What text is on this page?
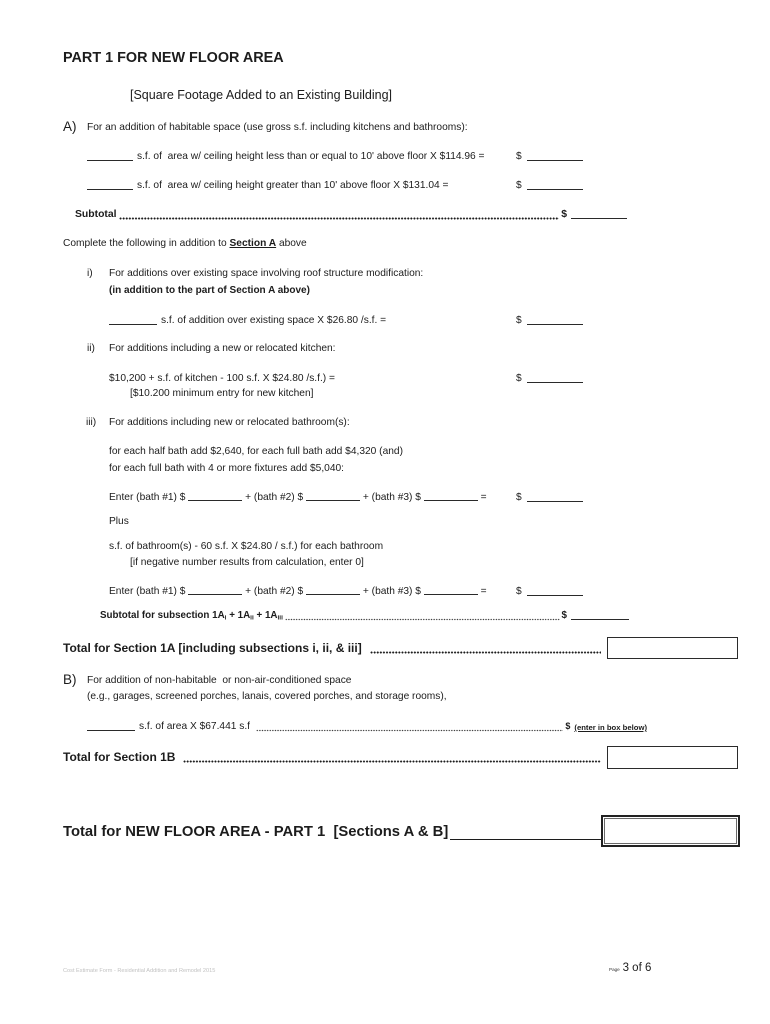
PART 1 FOR NEW FLOOR AREA
[Square Footage Added to an Existing Building]
A) For an addition of habitable space (use gross s.f. including kitchens and bathrooms):
s.f. of  area w/ ceiling height less than or equal to 10' above floor X $114.96 =	$
s.f. of  area w/ ceiling height greater than 10' above floor X $131.04 =	$
Subtotal	$
Complete the following in addition to Section A above
i) For additions over existing space involving roof structure modification:
(in addition to the part of Section A above)
s.f. of addition over existing space X $26.80 /s.f. =	$
ii) For additions including a new or relocated kitchen:
$10,200 + s.f. of kitchen - 100 s.f. X $24.80 /s.f.) =	$
[$10.200 minimum entry for new kitchen]
iii) For additions including new or relocated bathroom(s):
for each half bath add $2,640, for each full bath add $4,320 (and)
for each full bath with 4 or more fixtures add $5,040:
Enter (bath #1) $	+ (bath #2) $	+ (bath #3) $	=	$
Plus
s.f. of bathroom(s) - 60 s.f. X $24.80 / s.f.) for each bathroom
[if negative number results from calculation, enter 0]
Enter (bath #1) $	+ (bath #2) $	+ (bath #3) $	=	$
Subtotal for subsection $1A_i + 1A_{ii} + 1A_{iii}$	$
Total for Section 1A [including subsections i, ii, & iii]
B) For addition of non-habitable  or non-air-conditioned space
(e.g., garages, screened porches, lanais, covered porches, and storage rooms),
s.f. of area X $67.441 s.f	$ (enter in box below)
Total for Section 1B
Total for NEW FLOOR AREA - PART 1  [Sections A & B]
Cost Estimate Form - Residential Addition and Remodel 2015	Page 3 of 6
